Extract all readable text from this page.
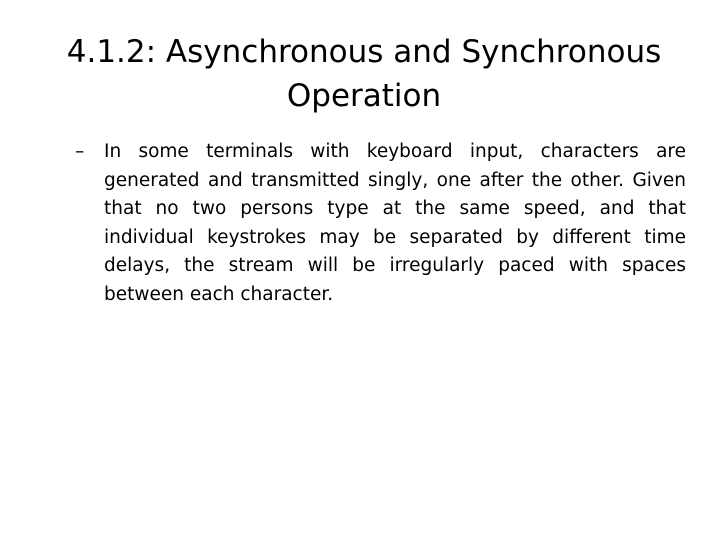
4.1.2: Asynchronous and Synchronous Operation
–	In some terminals with keyboard input, characters are generated and transmitted singly, one after the other. Given that no two persons type at the same speed, and that individual keystrokes may be separated by different time delays, the stream will be irregularly paced with spaces between each character.
